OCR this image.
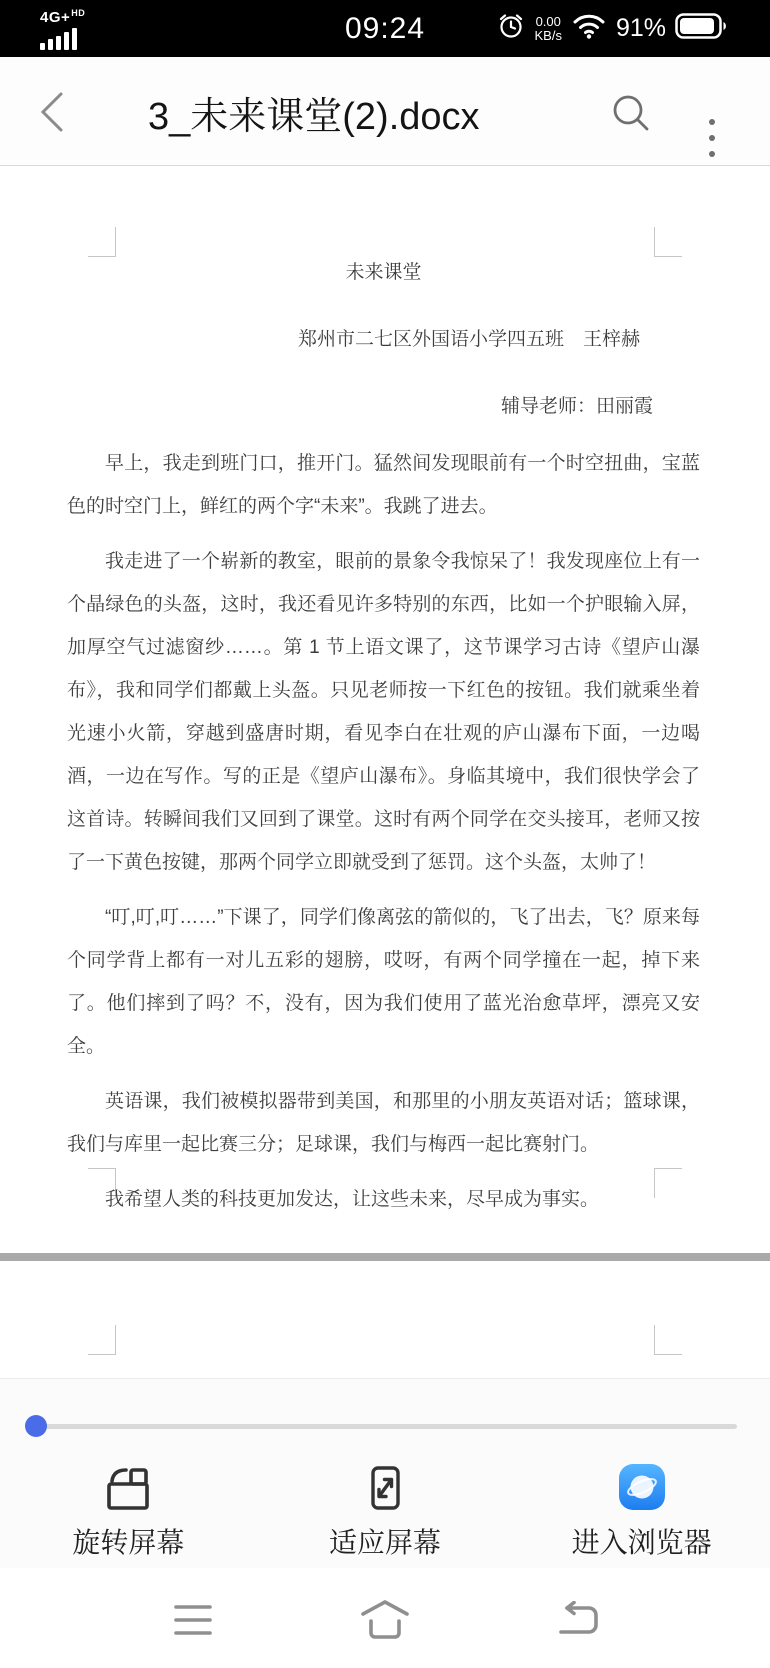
4G+$^{HD}$	09:24	0.00
KB/s 91%
3_未来课堂(2).docx
未来课堂
郑州市二七区外国语小学四五班　王梓赫
辅导老师：田丽霞

早上，我走到班门口，推开门。猛然间发现眼前有一个时空扭曲，宝蓝色的时空门上，鲜红的两个字“未来”。我跳了进去。

我走进了一个崭新的教室，眼前的景象令我惊呆了！我发现座位上有一个晶绿色的头盔，这时，我还看见许多特别的东西，比如一个护眼输入屏，加厚空气过滤窗纱……。第 1 节上语文课了，这节课学习古诗《望庐山瀑布》，我和同学们都戴上头盔。只见老师按一下红色的按钮。我们就乘坐着光速小火箭，穿越到盛唐时期，看见李白在壮观的庐山瀑布下面，一边喝酒，一边在写作。写的正是《望庐山瀑布》。身临其境中，我们很快学会了这首诗。转瞬间我们又回到了课堂。这时有两个同学在交头接耳，老师又按了一下黄色按键，那两个同学立即就受到了惩罚。这个头盔，太帅了！

“叮,叮,叮……”下课了，同学们像离弦的箭似的，飞了出去，飞？原来每个同学背上都有一对儿五彩的翅膀，哎呀，有两个同学撞在一起，掉下来了。他们摔到了吗？不，没有，因为我们使用了蓝光治愈草坪，漂亮又安全。

英语课，我们被模拟器带到美国，和那里的小朋友英语对话；篮球课，我们与库里一起比赛三分；足球课，我们与梅西一起比赛射门。

我希望人类的科技更加发达，让这些未来，尽早成为事实。

旋转屏幕	适应屏幕	进入浏览器
